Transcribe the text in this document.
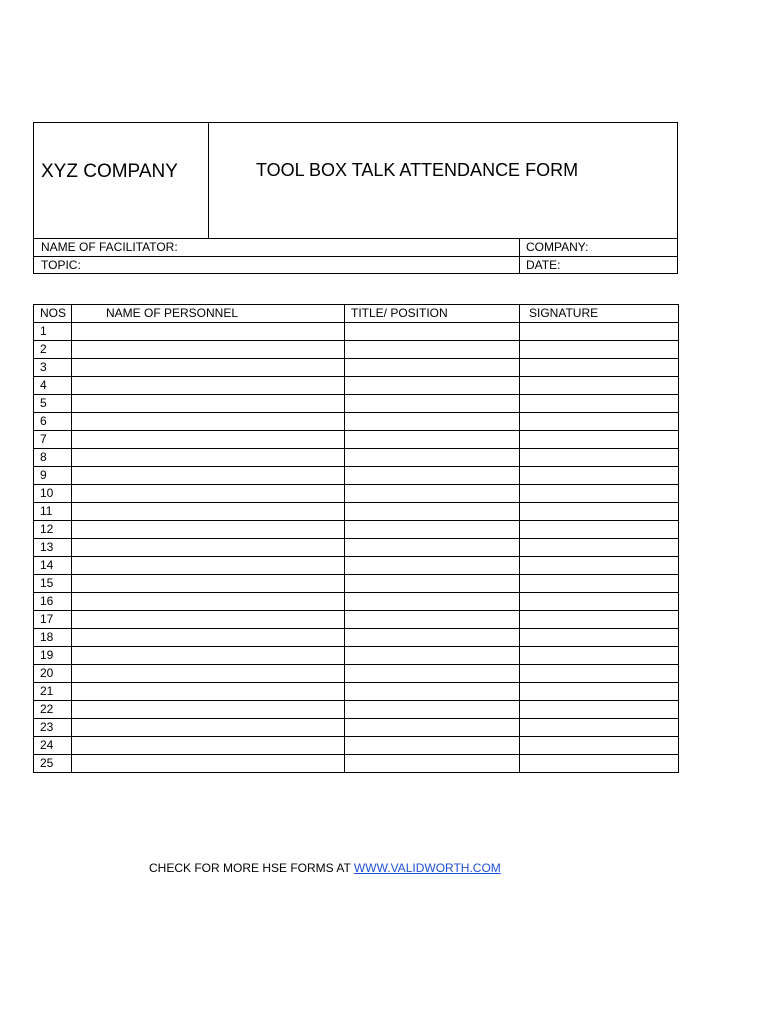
XYZ COMPANY	TOOL BOX TALK ATTENDANCE FORM
NAME OF FACILITATOR:	COMPANY:
TOPIC:	DATE:
NOS	NAME OF PERSONNEL	TITLE/ POSITION	SIGNATURE
1			
2			
3			
4			
5			
6			
7			
8			
9			
10			
11			
12			
13			
14			
15			
16			
17			
18			
19			
20			
21			
22			
23			
24			
25			
CHECK FOR MORE HSE FORMS AT WWW.VALIDWORTH.COM
